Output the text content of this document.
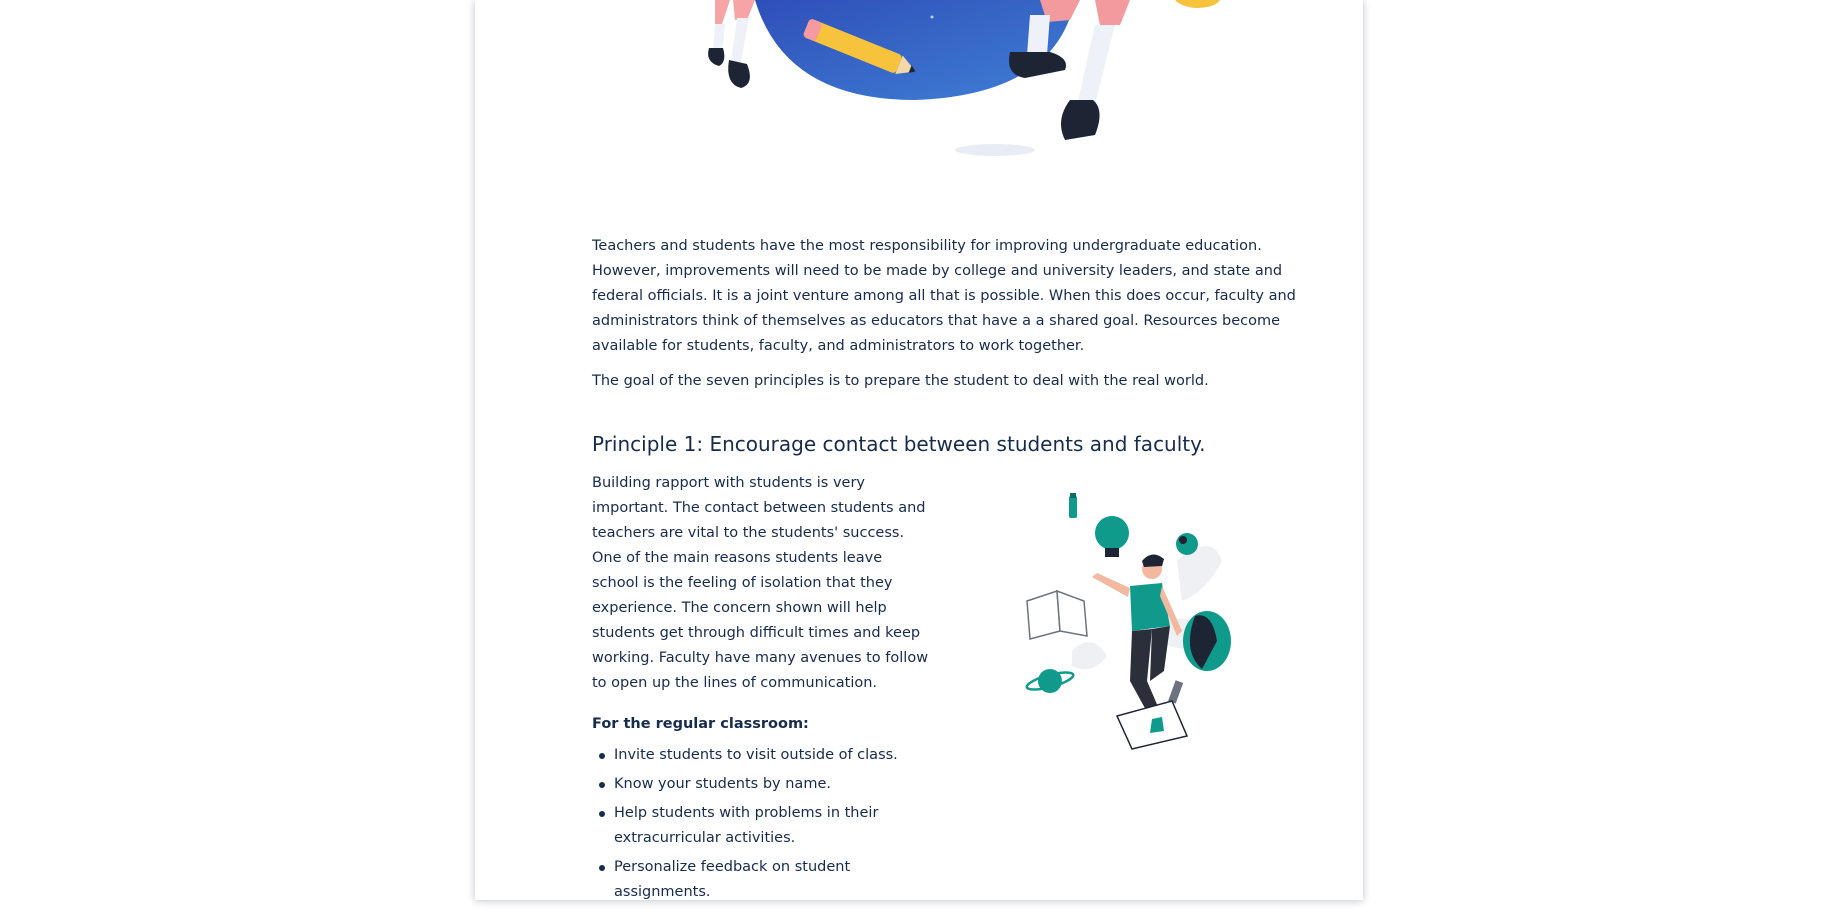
Teachers and students have the most responsibility for improving undergraduate education. However, improvements will need to be made by college and university leaders, and state and federal officials. It is a joint venture among all that is possible. When this does occur, faculty and administrators think of themselves as educators that have a a shared goal. Resources become available for students, faculty, and administrators to work together.

The goal of the seven principles is to prepare the student to deal with the real world.

Principle 1: Encourage contact between students and faculty.

Building rapport with students is very important. The contact between students and teachers are vital to the students' success. One of the main reasons students leave school is the feeling of isolation that they experience. The concern shown will help students get through difficult times and keep working. Faculty have many avenues to follow to open up the lines of communication.

For the regular classroom:
Invite students to visit outside of class.
Know your students by name.
Help students with problems in their extracurricular activities.
Personalize feedback on student assignments.
